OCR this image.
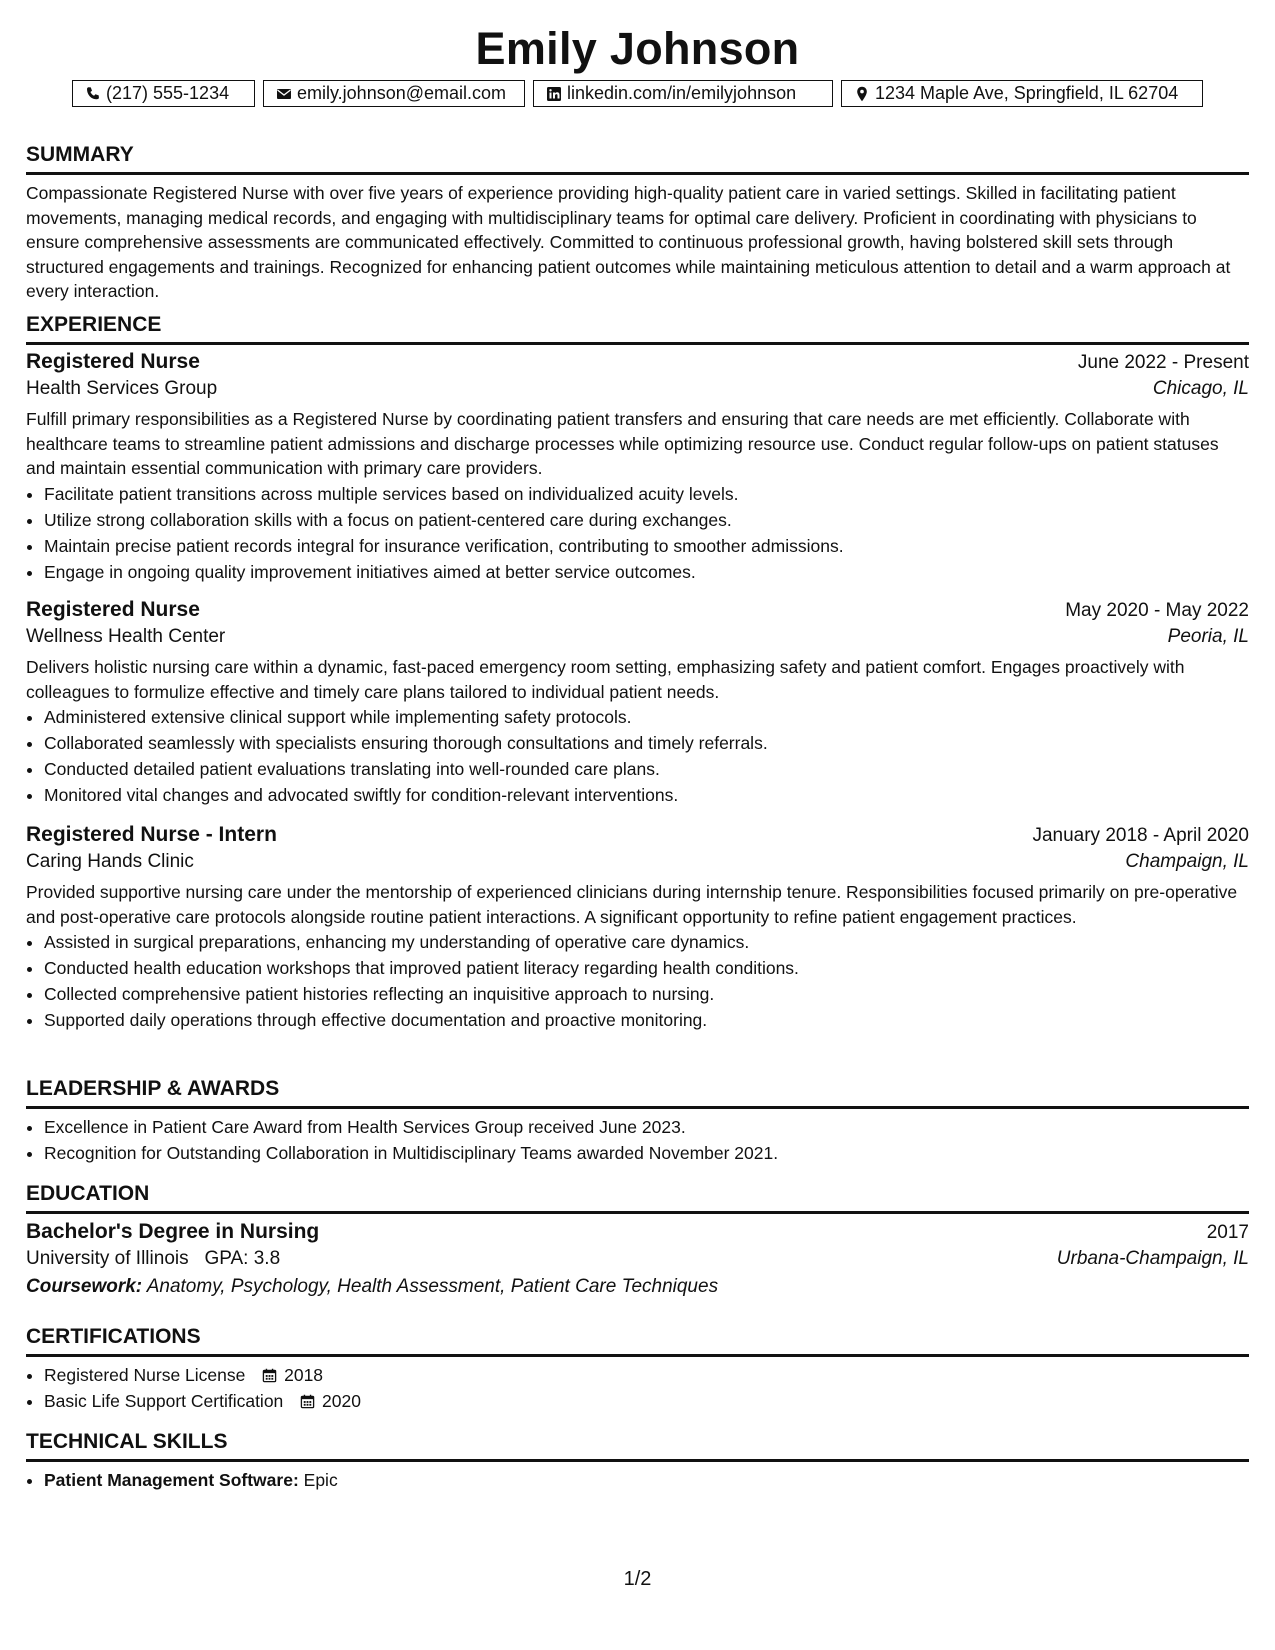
Emily Johnson
(217) 555-1234	emily.johnson@email.com	linkedin.com/in/emilyjohnson	1234 Maple Ave, Springfield, IL 62704
SUMMARY

Compassionate Registered Nurse with over five years of experience providing high-quality patient care in varied settings. Skilled in facilitating patient movements, managing medical records, and engaging with multidisciplinary teams for optimal care delivery. Proficient in coordinating with physicians to ensure comprehensive assessments are communicated effectively. Committed to continuous professional growth, having bolstered skill sets through structured engagements and trainings. Recognized for enhancing patient outcomes while maintaining meticulous attention to detail and a warm approach at every interaction.

EXPERIENCE
Registered Nurse	June 2022 - Present
Health Services Group	Chicago, IL

Fulfill primary responsibilities as a Registered Nurse by coordinating patient transfers and ensuring that care needs are met efficiently. Collaborate with healthcare teams to streamline patient admissions and discharge processes while optimizing resource use. Conduct regular follow-ups on patient statuses and maintain essential communication with primary care providers.

• Facilitate patient transitions across multiple services based on individualized acuity levels.
• Utilize strong collaboration skills with a focus on patient-centered care during exchanges.
• Maintain precise patient records integral for insurance verification, contributing to smoother admissions.
• Engage in ongoing quality improvement initiatives aimed at better service outcomes.
Registered Nurse	May 2020 - May 2022
Wellness Health Center	Peoria, IL

Delivers holistic nursing care within a dynamic, fast-paced emergency room setting, emphasizing safety and patient comfort. Engages proactively with colleagues to formulize effective and timely care plans tailored to individual patient needs.

• Administered extensive clinical support while implementing safety protocols.
• Collaborated seamlessly with specialists ensuring thorough consultations and timely referrals.
• Conducted detailed patient evaluations translating into well-rounded care plans.
• Monitored vital changes and advocated swiftly for condition-relevant interventions.
Registered Nurse - Intern	January 2018 - April 2020
Caring Hands Clinic	Champaign, IL

Provided supportive nursing care under the mentorship of experienced clinicians during internship tenure. Responsibilities focused primarily on pre-operative and post-operative care protocols alongside routine patient interactions. A significant opportunity to refine patient engagement practices.

• Assisted in surgical preparations, enhancing my understanding of operative care dynamics.
• Conducted health education workshops that improved patient literacy regarding health conditions.
• Collected comprehensive patient histories reflecting an inquisitive approach to nursing.
• Supported daily operations through effective documentation and proactive monitoring.
LEADERSHIP & AWARDS
• Excellence in Patient Care Award from Health Services Group received June 2023.
• Recognition for Outstanding Collaboration in Multidisciplinary Teams awarded November 2021.
EDUCATION
Bachelor's Degree in Nursing	2017
University of Illinois GPA: 3.8	Urbana-Champaign, IL
Coursework: Anatomy, Psychology, Health Assessment, Patient Care Techniques
CERTIFICATIONS
• Registered Nurse License 2018
• Basic Life Support Certification 2020
TECHNICAL SKILLS
• Patient Management Software: Epic
1/2
